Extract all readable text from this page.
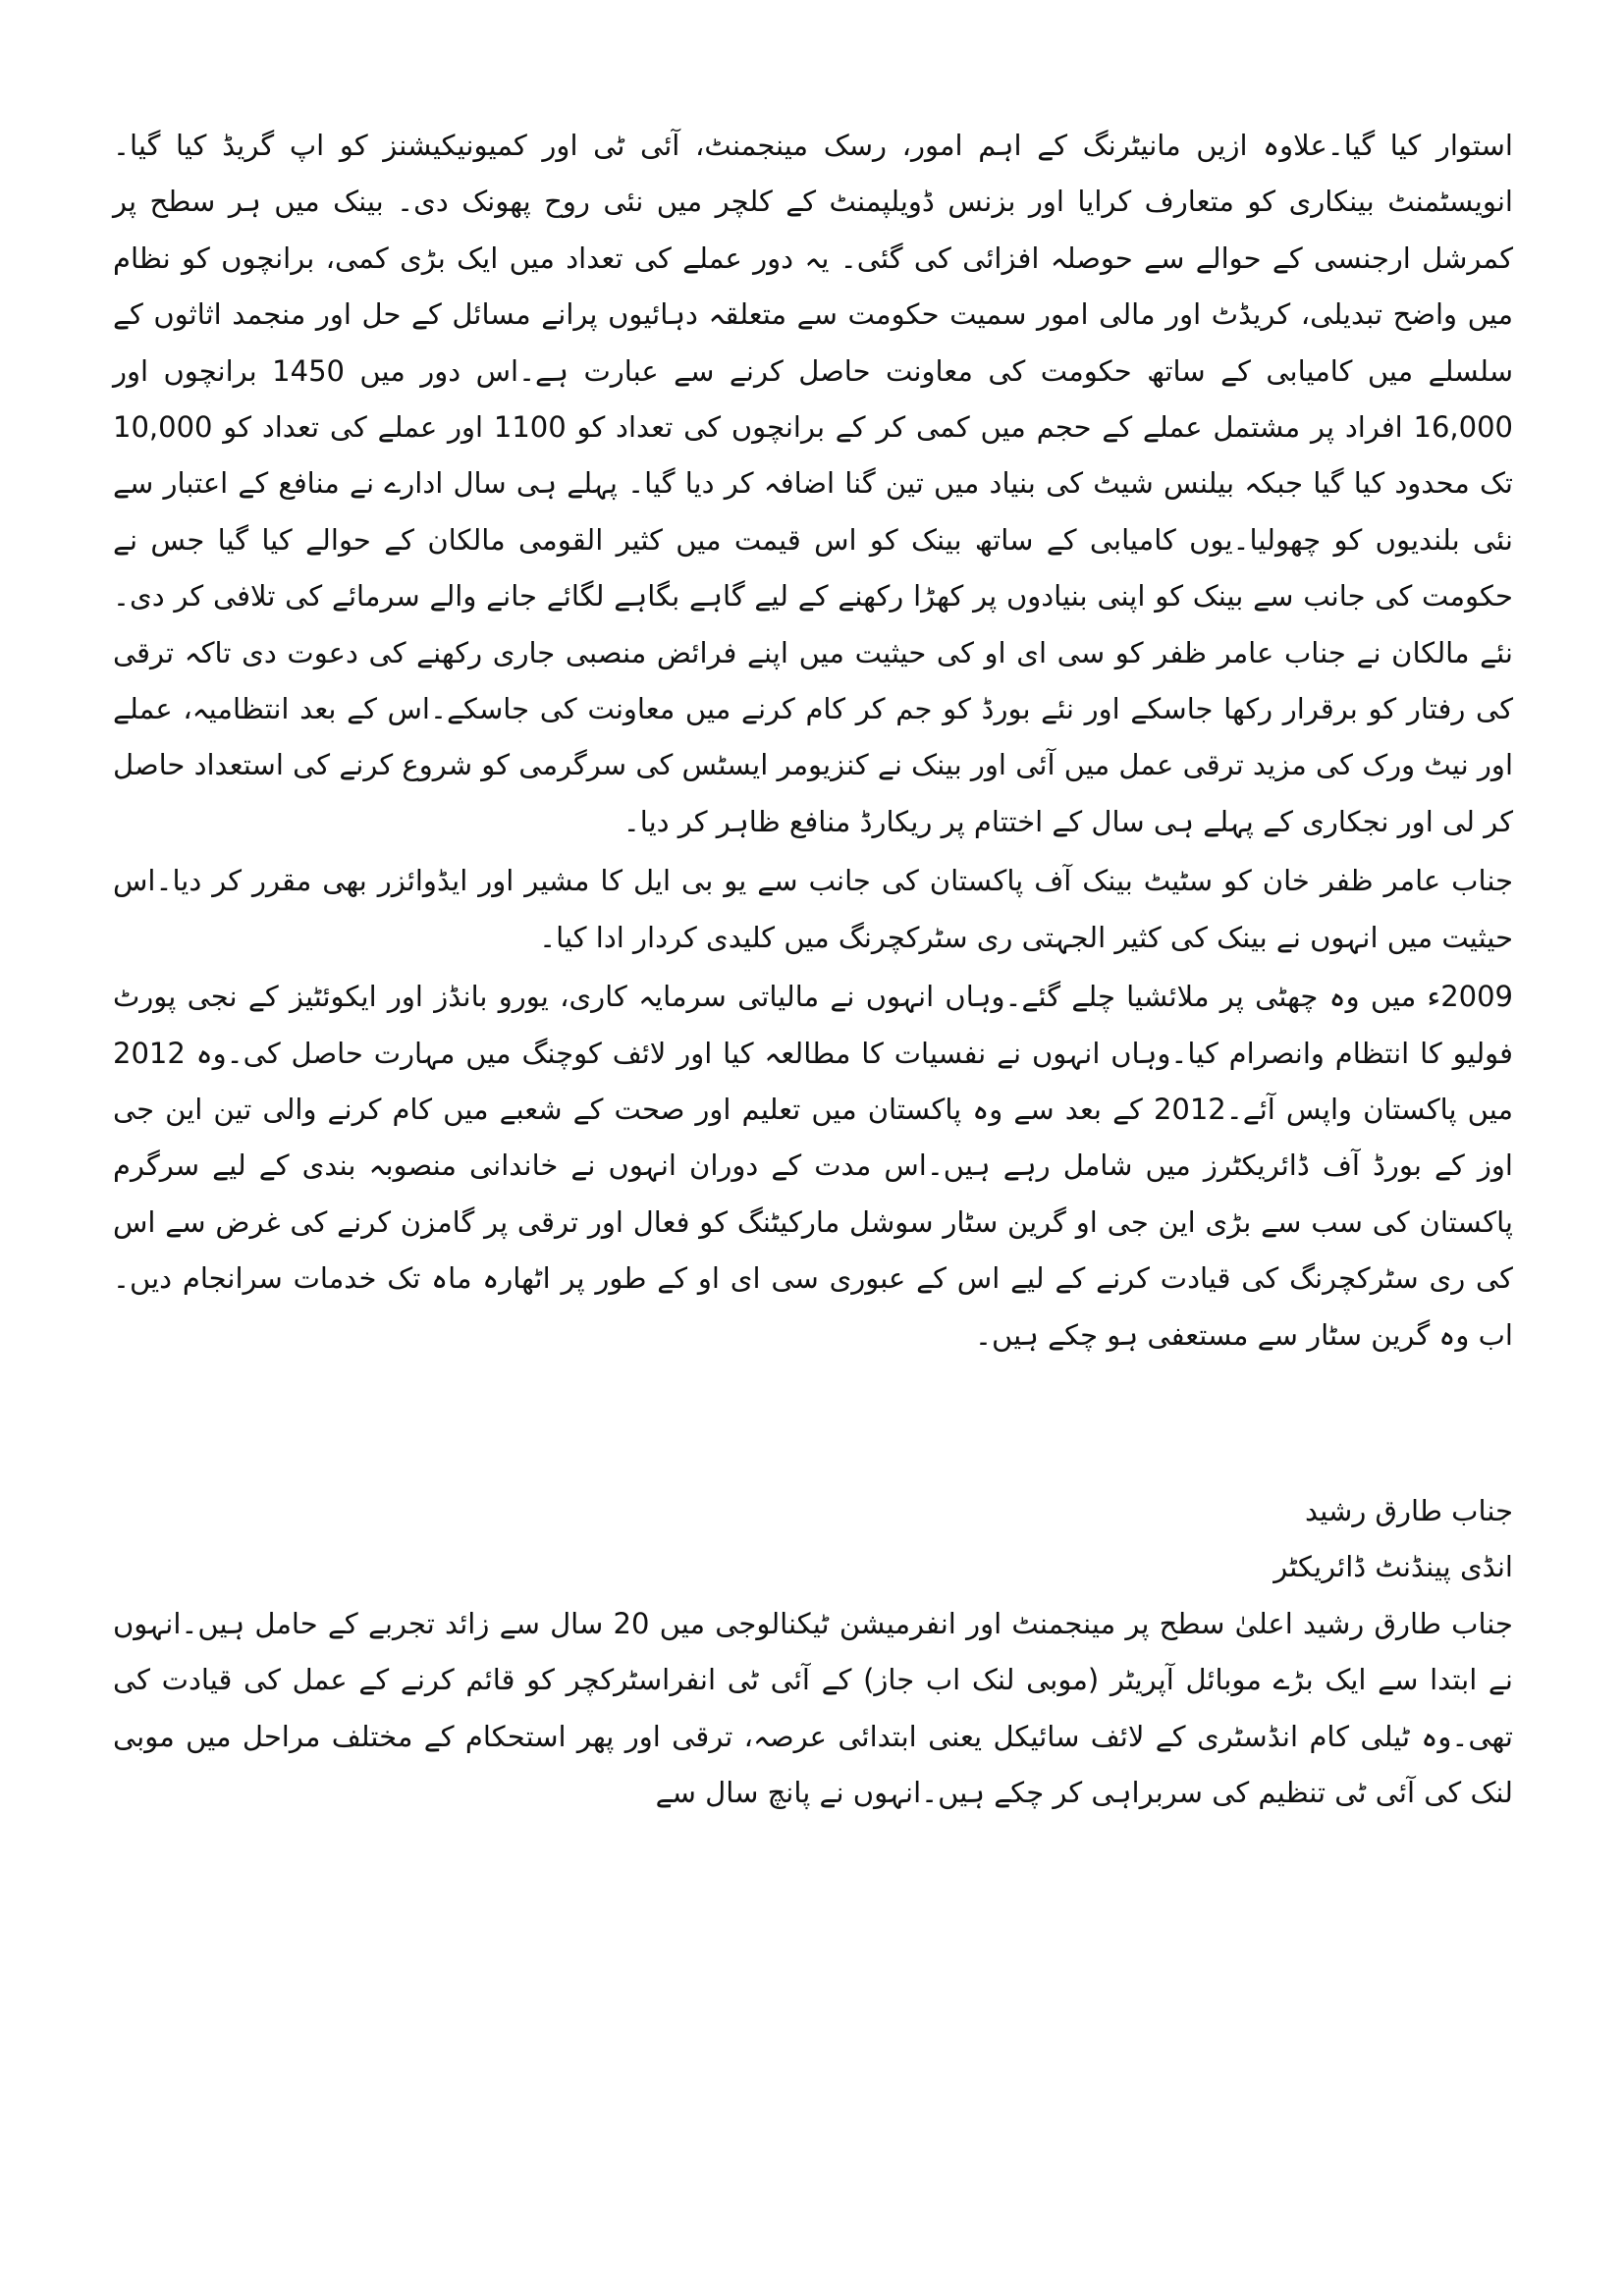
استوار کیا گیا۔علاوہ ازیں مانیٹرنگ کے اہم امور، رسک مینجمنٹ، آئی ٹی اور کمیونیکیشنز کو اپ گریڈ کیا گیا۔انویسٹمنٹ بینکاری کو متعارف کرایا اور بزنس ڈویلپمنٹ کے کلچر میں نئی روح پھونک دی۔ بینک میں ہر سطح پر کمرشل ارجنسی کے حوالے سے حوصلہ افزائی کی گئی۔ یہ دور عملے کی تعداد میں ایک بڑی کمی، برانچوں کو نظام میں واضح تبدیلی، کریڈٹ اور مالی امور سمیت حکومت سے متعلقہ دہائیوں پرانے مسائل کے حل اور منجمد اثاثوں کے سلسلے میں کامیابی کے ساتھ حکومت کی معاونت حاصل کرنے سے عبارت ہے۔اس دور میں 1450 برانچوں اور 16,000 افراد پر مشتمل عملے کے حجم میں کمی کر کے برانچوں کی تعداد کو 1100 اور عملے کی تعداد کو 10,000 تک محدود کیا گیا جبکہ بیلنس شیٹ کی بنیاد میں تین گنا اضافہ کر دیا گیا۔ پہلے ہی سال ادارے نے منافع کے اعتبار سے نئی بلندیوں کو چھولیا۔یوں کامیابی کے ساتھ بینک کو اس قیمت میں کثیر القومی مالکان کے حوالے کیا گیا جس نے حکومت کی جانب سے بینک کو اپنی بنیادوں پر کھڑا رکھنے کے لیے گاہے بگاہے لگائے جانے والے سرمائے کی تلافی کر دی۔ نئے مالکان نے جناب عامر ظفر کو سی ای او کی حیثیت میں اپنے فرائض منصبی جاری رکھنے کی دعوت دی تاکہ ترقی کی رفتار کو برقرار رکھا جاسکے اور نئے بورڈ کو جم کر کام کرنے میں معاونت کی جاسکے۔اس کے بعد انتظامیہ، عملے اور نیٹ ورک کی مزید ترقی عمل میں آئی اور بینک نے کنزیومر ایسٹس کی سرگرمی کو شروع کرنے کی استعداد حاصل کر لی اور نجکاری کے پہلے ہی سال کے اختتام پر ریکارڈ منافع ظاہر کر دیا۔

جناب عامر ظفر خان کو سٹیٹ بینک آف پاکستان کی جانب سے یو بی ایل کا مشیر اور ایڈوائزر بھی مقرر کر دیا۔اس حیثیت میں انہوں نے بینک کی کثیر الجہتی ری سٹرکچرنگ میں کلیدی کردار ادا کیا۔

2009ء میں وہ چھٹی پر ملائشیا چلے گئے۔وہاں انہوں نے مالیاتی سرمایہ کاری، یورو بانڈز اور ایکوئٹیز کے نجی پورٹ فولیو کا انتظام وانصرام کیا۔وہاں انہوں نے نفسیات کا مطالعہ کیا اور لائف کوچنگ میں مہارت حاصل کی۔وہ 2012 میں پاکستان واپس آئے۔2012 کے بعد سے وہ پاکستان میں تعلیم اور صحت کے شعبے میں کام کرنے والی تین این جی اوز کے بورڈ آف ڈائریکٹرز میں شامل رہے ہیں۔اس مدت کے دوران انہوں نے خاندانی منصوبہ بندی کے لیے سرگرم پاکستان کی سب سے بڑی این جی او گرین سٹار سوشل مارکیٹنگ کو فعال اور ترقی پر گامزن کرنے کی غرض سے اس کی ری سٹرکچرنگ کی قیادت کرنے کے لیے اس کے عبوری سی ای او کے طور پر اٹھارہ ماہ تک خدمات سرانجام دیں۔اب وہ گرین سٹار سے مستعفی ہو چکے ہیں۔

جناب طارق رشید

انڈی پینڈنٹ ڈائریکٹر

جناب طارق رشید اعلیٰ سطح پر مینجمنٹ اور انفرمیشن ٹیکنالوجی میں 20 سال سے زائد تجربے کے حامل ہیں۔انہوں نے ابتدا سے ایک بڑے موبائل آپریٹر (موبی لنک اب جاز) کے آئی ٹی انفراسٹرکچر کو قائم کرنے کے عمل کی قیادت کی تھی۔وہ ٹیلی کام انڈسٹری کے لائف سائیکل یعنی ابتدائی عرصہ، ترقی اور پھر استحکام کے مختلف مراحل میں موبی لنک کی آئی ٹی تنظیم کی سربراہی کر چکے ہیں۔انہوں نے پانچ سال سے
